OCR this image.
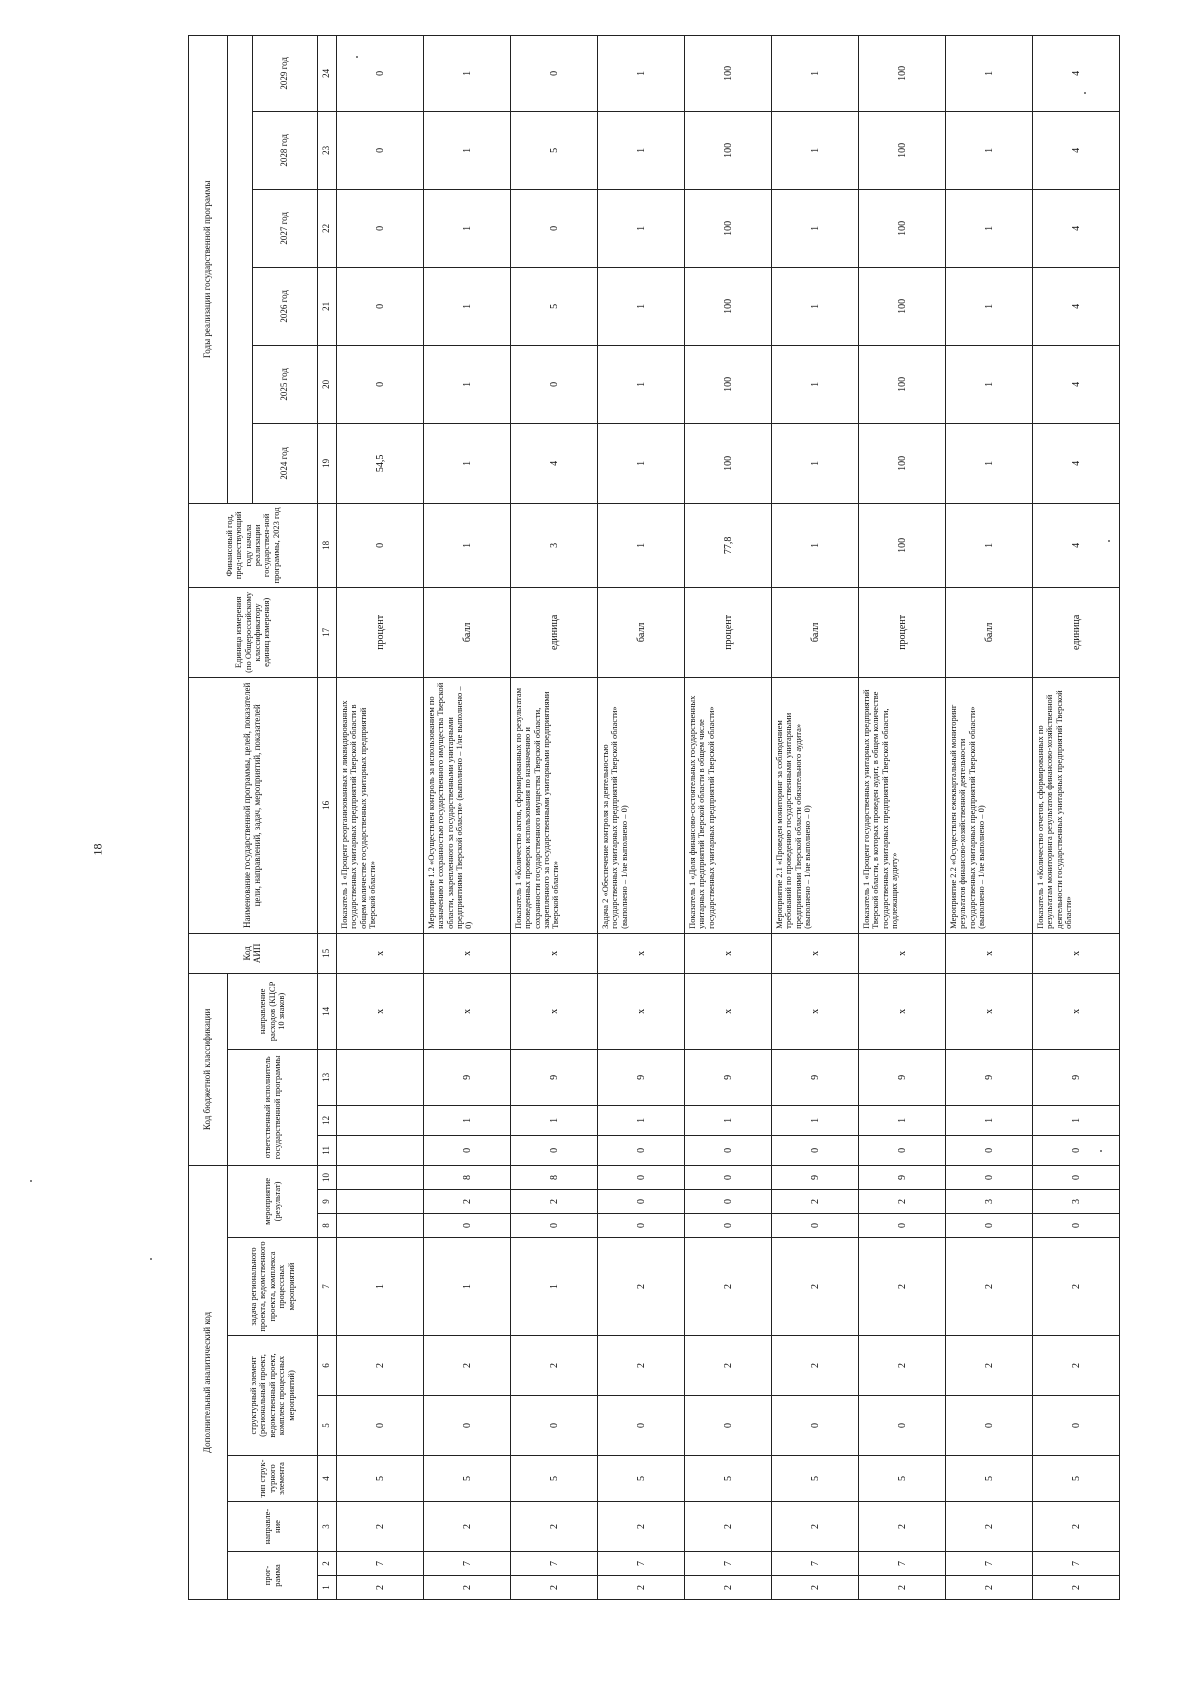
18
Дополнительный аналитический код										Код бюджетной классификации				Код АИП	Наименование государственной программы, целей, показателей цели, направлений, задач, мероприятий, показателей	Единица измерения (по Общероссийскому классификатору единиц измерения)	Финансовый год, пред-шествующий году начала реализации государствен-ной программы, 2023 год	Годы реализации государственной программы					
прог-рамма		направле-ние	тип струк-турного элемента	структурный элемент (региональный проект, ведомственный проект, комплекс процессных мероприятий)		задача регионального проекта, ведомственного проекта, комплекса процессных мероприятий	мероприятие (результат)			ответственный исполнитель государственной программы			направление расходов (КЦСР 10 знаков)										
																		2024 год	2025 год	2026 год	2027 год	2028 год	2029 год
1	2	3	4	5	6	7	8	9	10	11	12	13	14	15	16	17	18	19	20	21	22	23	24
2	7	2	5	0	2	1							x	x	Показатель 1 «Процент реорганизованных и ликвидированных государственных унитарных предприятий Тверской области в общем количестве государственных унитарных предприятий Тверской области»	процент	0	54,5	0	0	0	0	0
2	7	2	5	0	2	1	0	2	8	0	1	9	x	x	Мероприятие 1.2 «Осуществлен контроль за использованием по назначению и сохранностью государственного имущества Тверской области, закрепленного за государственными унитарными предприятиями Тверской области» (выполнено – 1/не выполнено – 0)	балл	1	1	1	1	1	1	1
2	7	2	5	0	2	1	0	2	8	0	1	9	x	x	Показатель 1 «Количество актов, сформированных по результатам проведенных проверок использования по назначению и сохранности государственного имущества Тверской области, закрепленного за государственными унитарными предприятиями Тверской области»	единица	3	4	0	5	0	5	0
2	7	2	5	0	2	2	0	0	0	0	1	9	x	x	Задача 2 «Обеспечение контроля за деятельностью государственных унитарных предприятий Тверской области» (выполнено – 1/не выполнено – 0)	балл	1	1	1	1	1	1	1
2	7	2	5	0	2	2	0	0	0	0	1	9	x	x	Показатель 1 «Доля финансово-состоятельных государственных унитарных предприятий Тверской области в общем числе государственных унитарных предприятий Тверской области»	процент	77,8	100	100	100	100	100	100
2	7	2	5	0	2	2	0	2	9	0	1	9	x	x	Мероприятие 2.1 «Проведен мониторинг за соблюдением требований по проведению государственными унитарными предприятиями Тверской области обязательного аудита» (выполнено – 1/не выполнено – 0)	балл	1	1	1	1	1	1	1
2	7	2	5	0	2	2	0	2	9	0	1	9	x	x	Показатель 1 «Процент государственных унитарных предприятий Тверской области, в которых проведен аудит, в общем количестве государственных унитарных предприятий Тверской области, подлежащих аудиту»	процент	100	100	100	100	100	100	100
2	7	2	5	0	2	2	0	3	0	0	1	9	x	x	Мероприятие 2.2 «Осуществлен ежеквартальный мониторинг результатов финансово-хозяйственной деятельности государственных унитарных предприятий Тверской области» (выполнено – 1/не выполнено – 0)	балл	1	1	1	1	1	1	1
2	7	2	5	0	2	2	0	3	0	0	1	9	x	x	Показатель 1 «Количество отчетов, сформированных по результатам мониторинга результатов финансово-хозяйственной деятельности государственных унитарных предприятий Тверской области»	единица	4	4	4	4	4	4	4
